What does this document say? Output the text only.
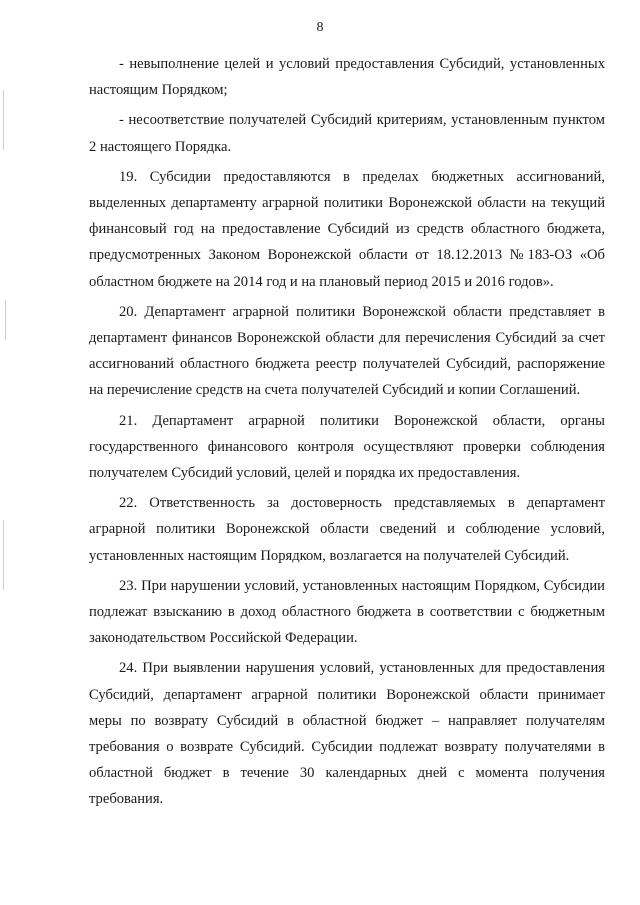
8

- невыполнение целей и условий предоставления Субсидий, установленных настоящим Порядком;

- несоответствие получателей Субсидий критериям, установленным пунктом 2 настоящего Порядка.

19. Субсидии предоставляются в пределах бюджетных ассигнований, выделенных департаменту аграрной политики Воронежской области на текущий финансовый год на предоставление Субсидий из средств областного бюджета, предусмотренных Законом Воронежской области от 18.12.2013 №183-ОЗ «Об областном бюджете на 2014 год и на плановый период 2015 и 2016 годов».

20. Департамент аграрной политики Воронежской области представляет в департамент финансов Воронежской области для перечисления Субсидий за счет ассигнований областного бюджета реестр получателей Субсидий, распоряжение на перечисление средств на счета получателей Субсидий и копии Соглашений.

21. Департамент аграрной политики Воронежской области, органы государственного финансового контроля осуществляют проверки соблюдения получателем Субсидий условий, целей и порядка их предоставления.

22. Ответственность за достоверность представляемых в департамент аграрной политики Воронежской области сведений и соблюдение условий, установленных настоящим Порядком, возлагается на получателей Субсидий.

23. При нарушении условий, установленных настоящим Порядком, Субсидии подлежат взысканию в доход областного бюджета в соответствии с бюджетным законодательством Российской Федерации.

24. При выявлении нарушения условий, установленных для предоставления Субсидий, департамент аграрной политики Воронежской области принимает меры по возврату Субсидий в областной бюджет – направляет получателям требования о возврате Субсидий. Субсидии подлежат возврату получателями в областной бюджет в течение 30 календарных дней с момента получения требования.
